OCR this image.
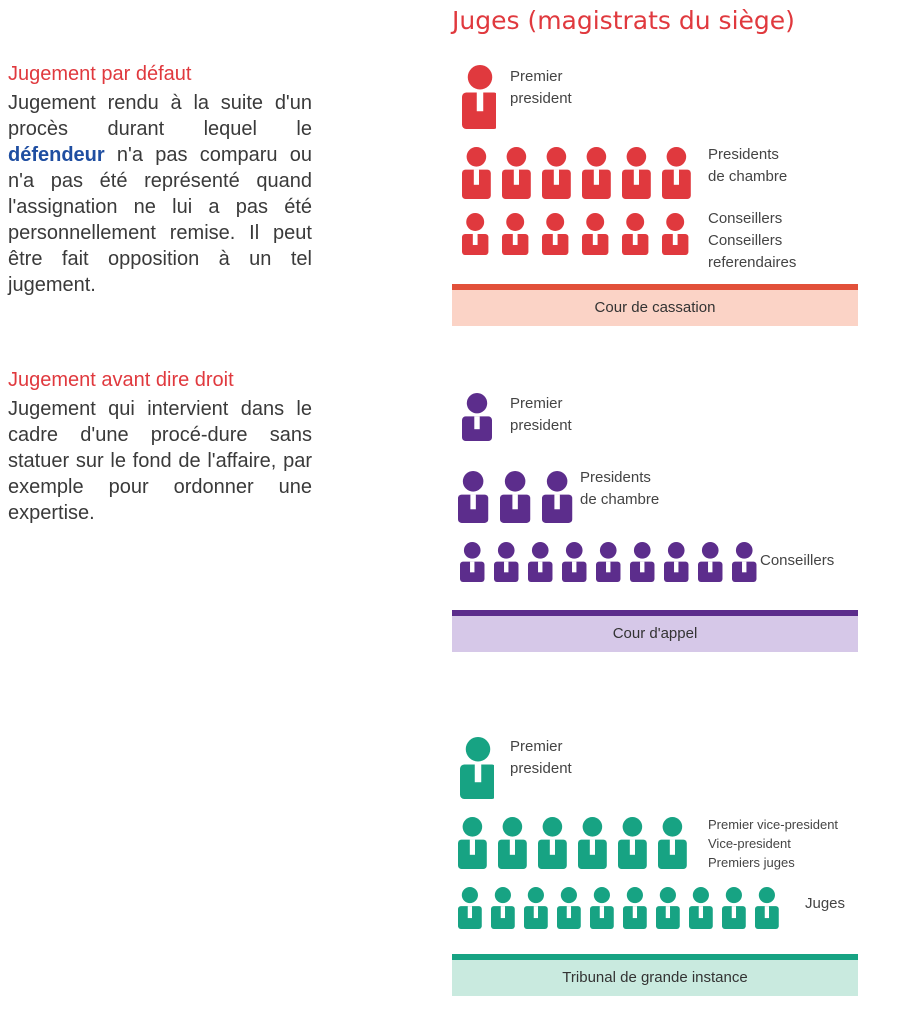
Jugement par défaut

Jugement rendu à la suite d'un procès durant lequel le défendeur n'a pas comparu ou n'a pas été représenté quand l'assignation ne lui a pas été personnellement remise. Il peut être fait opposition à un tel jugement.

Jugement avant dire droit

Jugement qui intervient dans le cadre d'une procé-dure sans statuer sur le fond de l'affaire, par exemple pour ordonner une expertise.

Juges (magistrats du siège)
Premier
president
Presidents
de chambre
Conseillers
Conseillers
referendaires
Cour de cassation
Premier
president
Presidents
de chambre
Conseillers
Cour d'appel
Premier
president
Premier vice-president
Vice-president
Premiers juges
Juges
Tribunal de grande instance
